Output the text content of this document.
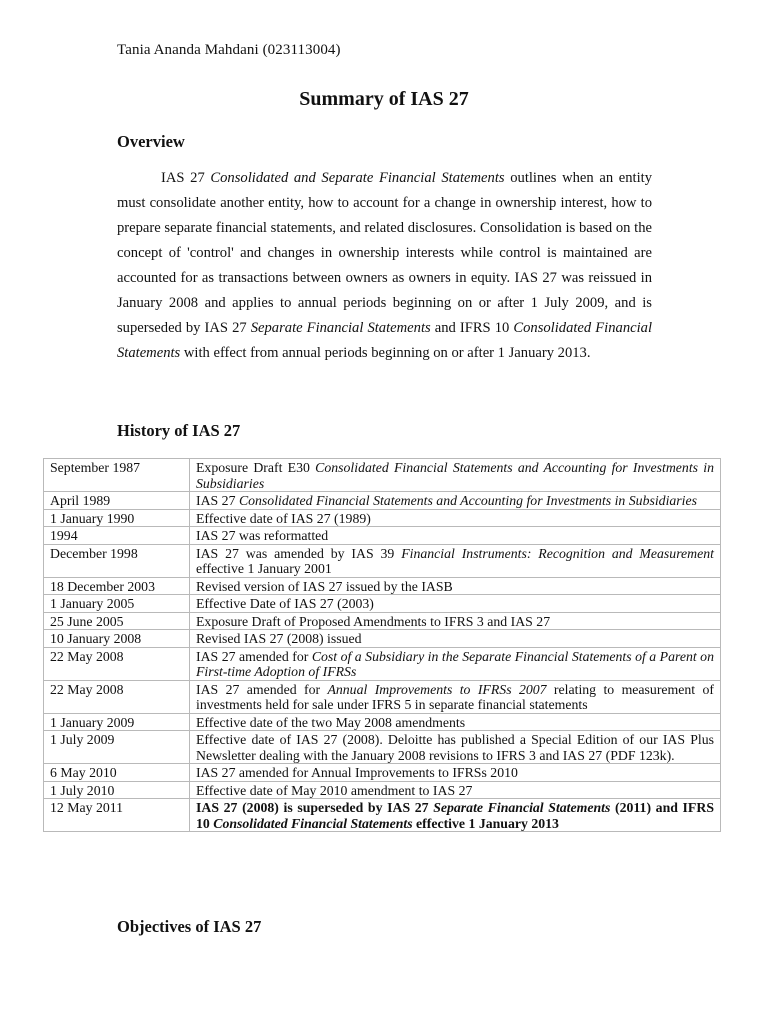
Tania Ananda Mahdani (023113004)
Summary of IAS 27
Overview

IAS 27 Consolidated and Separate Financial Statements outlines when an entity must consolidate another entity, how to account for a change in ownership interest, how to prepare separate financial statements, and related disclosures. Consolidation is based on the concept of 'control' and changes in ownership interests while control is maintained are accounted for as transactions between owners as owners in equity. IAS 27 was reissued in January 2008 and applies to annual periods beginning on or after 1 July 2009, and is superseded by IAS 27 Separate Financial Statements and IFRS 10 Consolidated Financial Statements with effect from annual periods beginning on or after 1 January 2013.

History of IAS 27
September 1987	Exposure Draft E30 Consolidated Financial Statements and Accounting for Investments in Subsidiaries
April 1989	IAS 27 Consolidated Financial Statements and Accounting for Investments in Subsidiaries
1 January 1990	Effective date of IAS 27 (1989)
1994	IAS 27 was reformatted
December 1998	IAS 27 was amended by IAS 39 Financial Instruments: Recognition and Measurement effective 1 January 2001
18 December 2003	Revised version of IAS 27 issued by the IASB
1 January 2005	Effective Date of IAS 27 (2003)
25 June 2005	Exposure Draft of Proposed Amendments to IFRS 3 and IAS 27
10 January 2008	Revised IAS 27 (2008) issued
22 May 2008	IAS 27 amended for Cost of a Subsidiary in the Separate Financial Statements of a Parent on First-time Adoption of IFRSs
22 May 2008	IAS 27 amended for Annual Improvements to IFRSs 2007 relating to measurement of investments held for sale under IFRS 5 in separate financial statements
1 January 2009	Effective date of the two May 2008 amendments
1 July 2009	Effective date of IAS 27 (2008). Deloitte has published a Special Edition of our IAS Plus Newsletter dealing with the January 2008 revisions to IFRS 3 and IAS 27 (PDF 123k).
6 May 2010	IAS 27 amended for Annual Improvements to IFRSs 2010
1 July 2010	Effective date of May 2010 amendment to IAS 27
12 May 2011	IAS 27 (2008) is superseded by IAS 27 Separate Financial Statements (2011) and IFRS 10 Consolidated Financial Statements effective 1 January 2013
Objectives of IAS 27
